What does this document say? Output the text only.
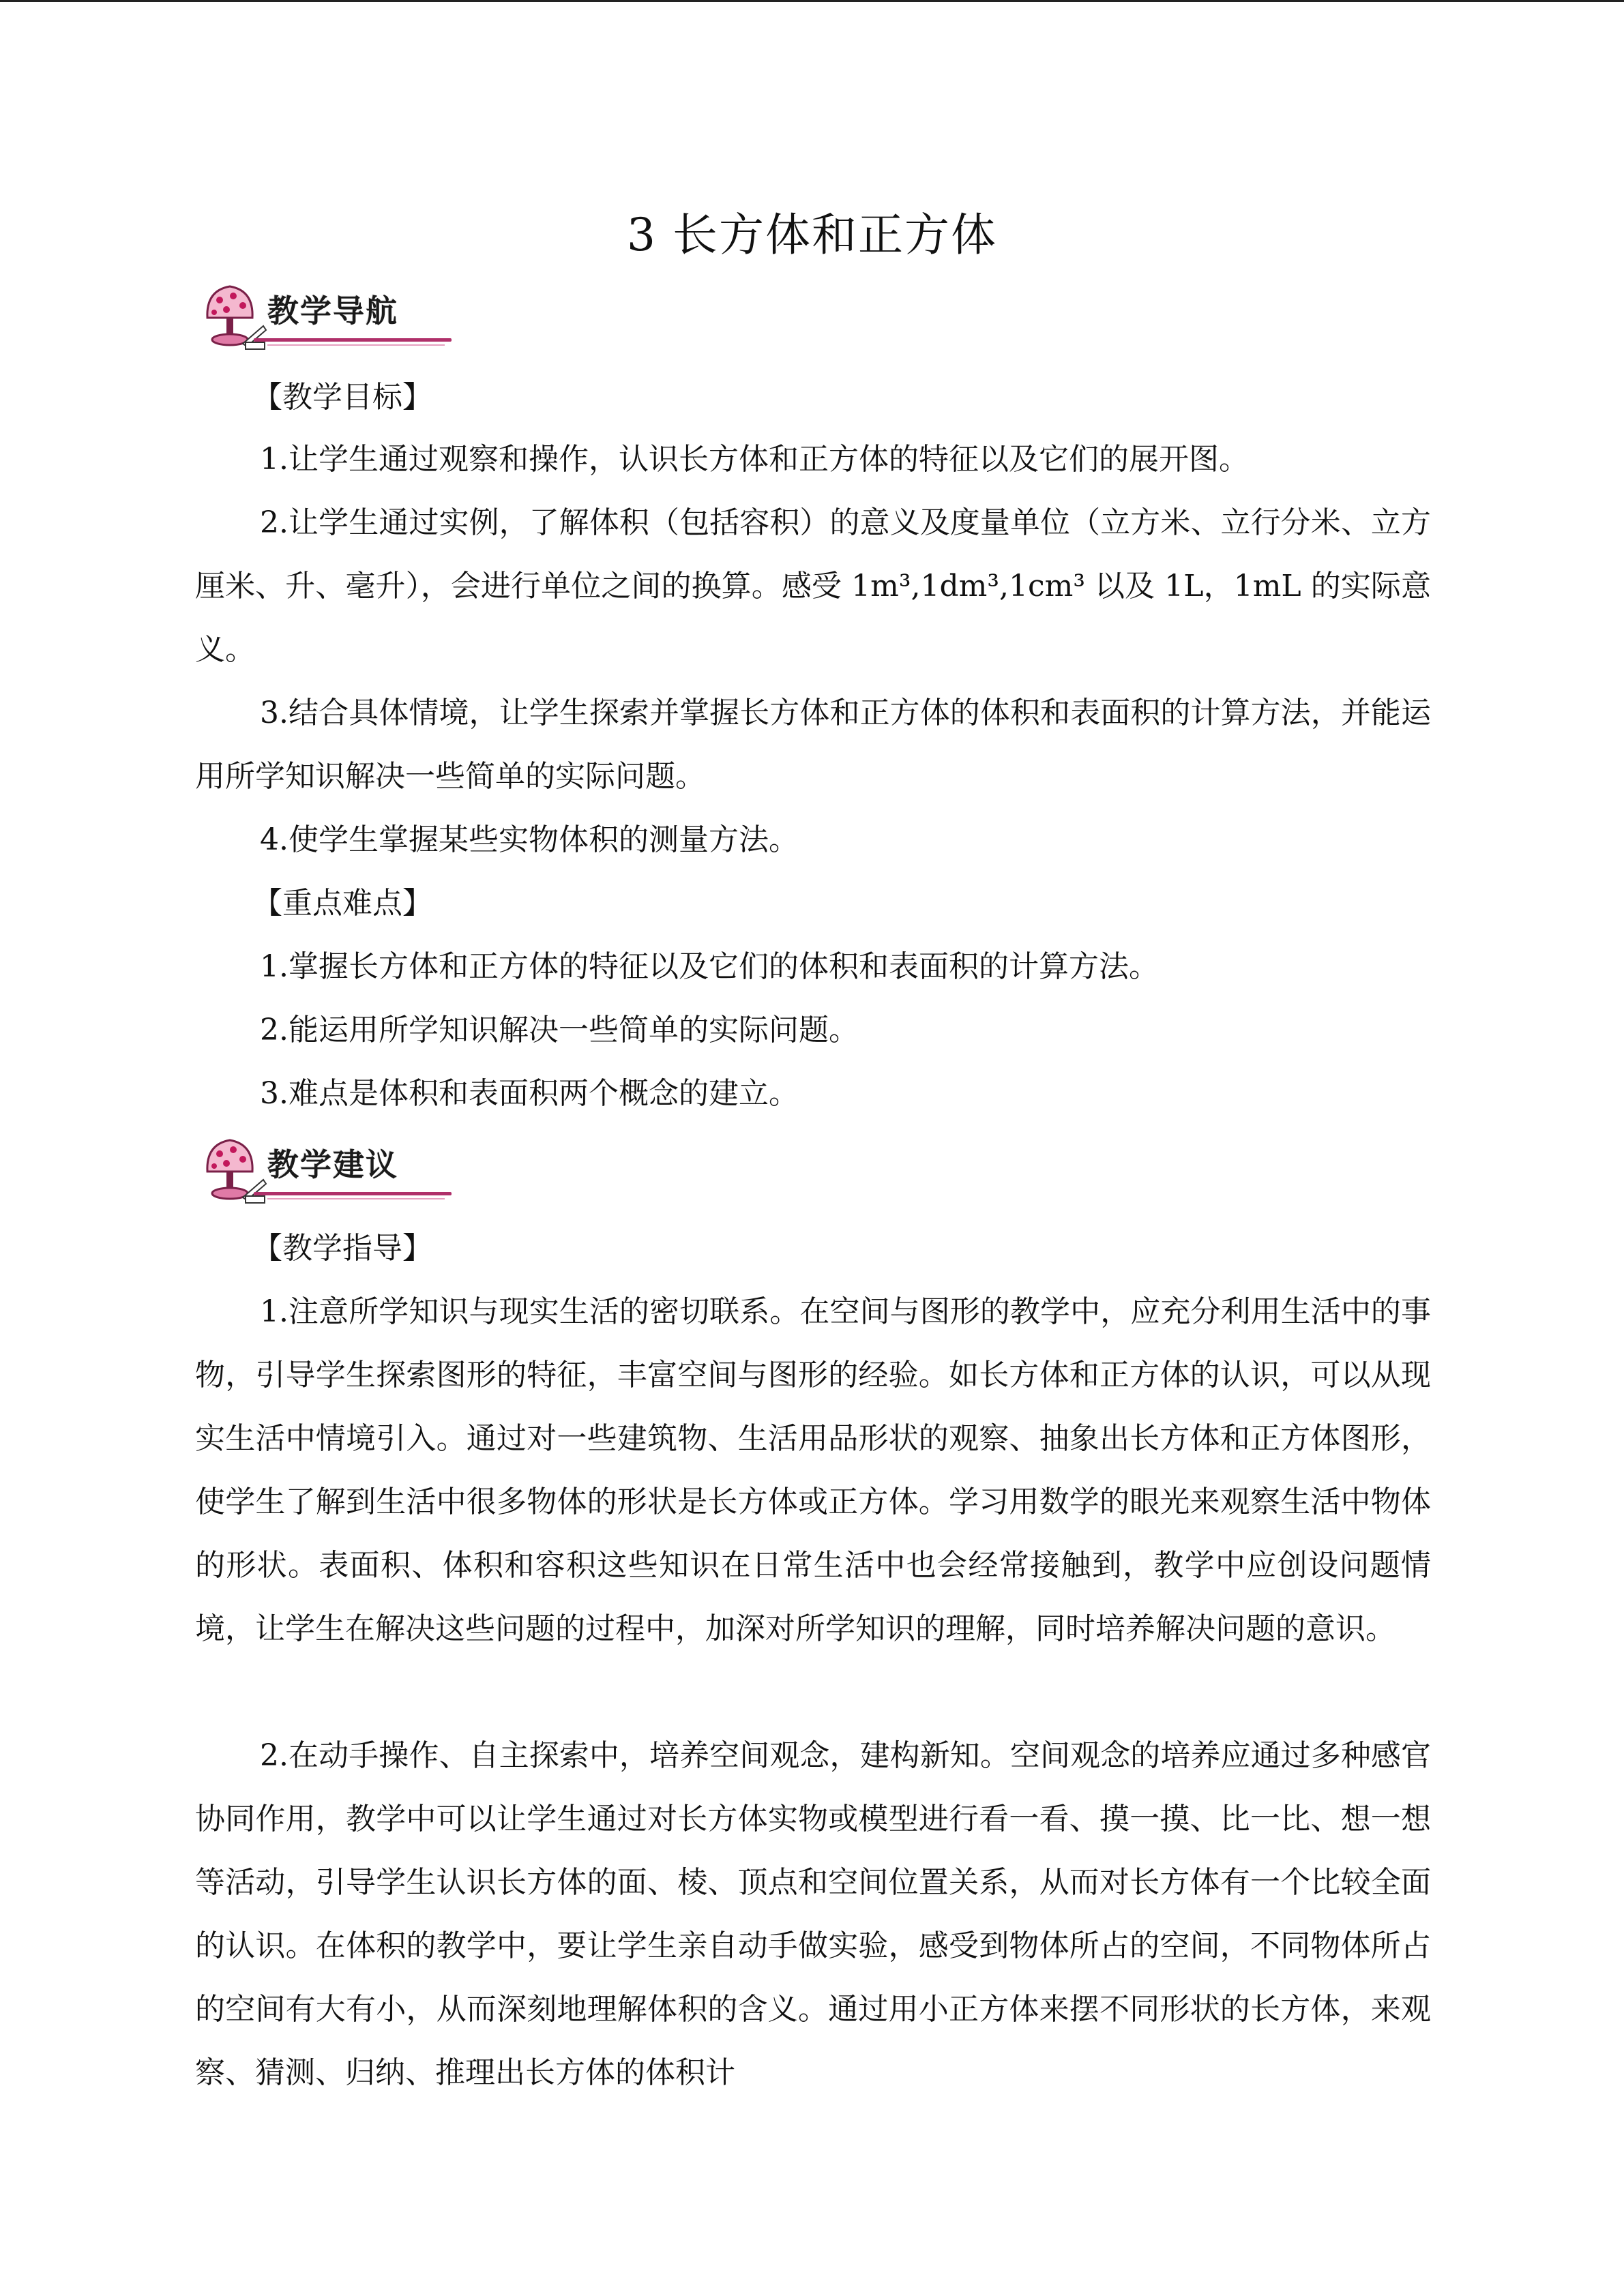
3 长方体和正方体
教学导航

【教学目标】

1.让学生通过观察和操作，认识长方体和正方体的特征以及它们的展开图。

2.让学生通过实例，了解体积（包括容积）的意义及度量单位（立方米、立行分米、立方厘米、升、毫升），会进行单位之间的换算。感受 1m³,1dm³,1cm³ 以及 1L，1mL 的实际意义。

3.结合具体情境，让学生探索并掌握长方体和正方体的体积和表面积的计算方法，并能运用所学知识解决一些简单的实际问题。

4.使学生掌握某些实物体积的测量方法。

【重点难点】

1.掌握长方体和正方体的特征以及它们的体积和表面积的计算方法。

2.能运用所学知识解决一些简单的实际问题。

3.难点是体积和表面积两个概念的建立。

教学建议

【教学指导】

1.注意所学知识与现实生活的密切联系。在空间与图形的教学中，应充分利用生活中的事物，引导学生探索图形的特征，丰富空间与图形的经验。如长方体和正方体的认识，可以从现实生活中情境引入。通过对一些建筑物、生活用品形状的观察、抽象出长方体和正方体图形，使学生了解到生活中很多物体的形状是长方体或正方体。学习用数学的眼光来观察生活中物体的形状。表面积、体积和容积这些知识在日常生活中也会经常接触到，教学中应创设问题情境，让学生在解决这些问题的过程中，加深对所学知识的理解，同时培养解决问题的意识。

2.在动手操作、自主探索中，培养空间观念，建构新知。空间观念的培养应通过多种感官协同作用，教学中可以让学生通过对长方体实物或模型进行看一看、摸一摸、比一比、想一想等活动，引导学生认识长方体的面、棱、顶点和空间位置关系，从而对长方体有一个比较全面的认识。在体积的教学中，要让学生亲自动手做实验，感受到物体所占的空间，不同物体所占的空间有大有小，从而深刻地理解体积的含义。通过用小正方体来摆不同形状的长方体，来观察、猜测、归纳、推理出长方体的体积计
